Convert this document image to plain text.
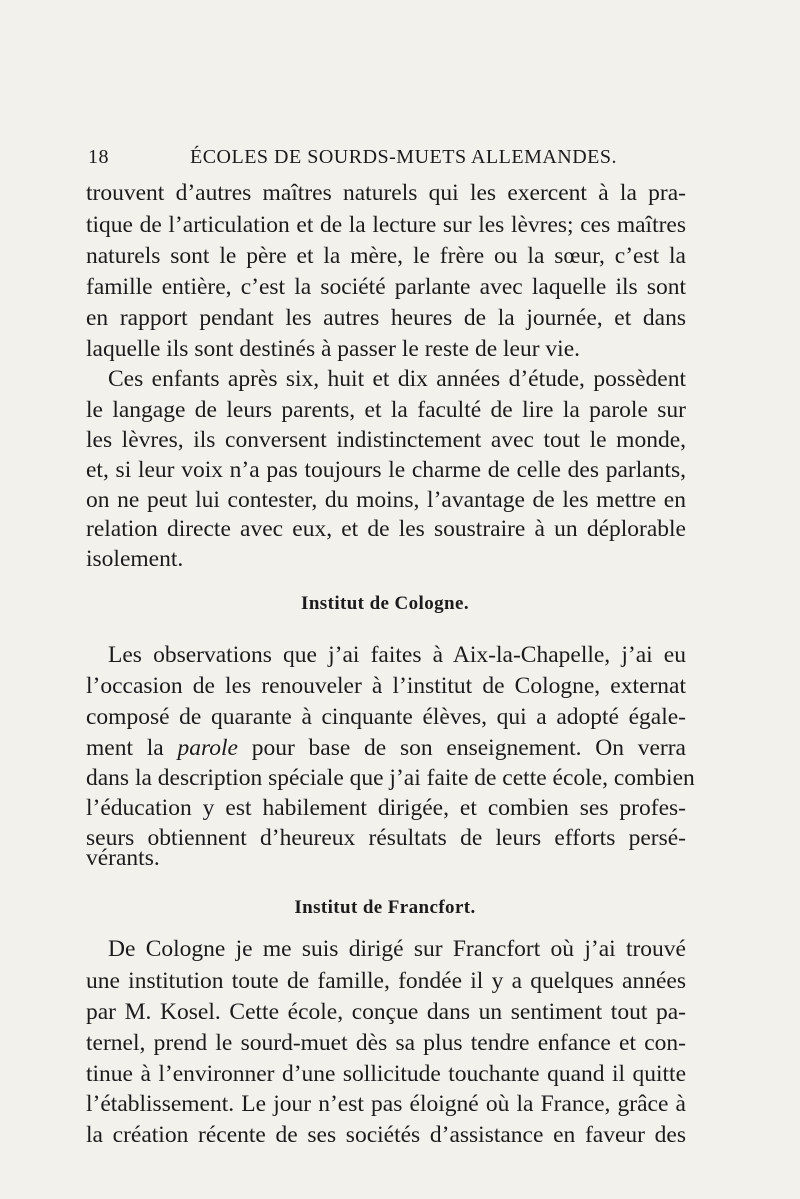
18	ÉCOLES DE SOURDS-MUETS ALLEMANDES.
trouvent d’autres maîtres naturels qui les exercent à la pra-
tique de l’articulation et de la lecture sur les lèvres; ces maîtres
naturels sont le père et la mère, le frère ou la sœur, c’est la
famille entière, c’est la société parlante avec laquelle ils sont
en rapport pendant les autres heures de la journée, et dans
laquelle ils sont destinés à passer le reste de leur vie.
Ces enfants après six, huit et dix années d’étude, possèdent
le langage de leurs parents, et la faculté de lire la parole sur
les lèvres, ils conversent indistinctement avec tout le monde,
et, si leur voix n’a pas toujours le charme de celle des parlants,
on ne peut lui contester, du moins, l’avantage de les mettre en
relation directe avec eux, et de les soustraire à un déplorable
isolement.
Institut de Cologne.
Les observations que j’ai faites à Aix-la-Chapelle, j’ai eu
l’occasion de les renouveler à l’institut de Cologne, externat
composé de quarante à cinquante élèves, qui a adopté égale-
ment la parole pour base de son enseignement. On verra
dans la description spéciale que j’ai faite de cette école, combien
l’éducation y est habilement dirigée, et combien ses profes-
seurs obtiennent d’heureux résultats de leurs efforts persé-
vérants.
Institut de Francfort.
De Cologne je me suis dirigé sur Francfort où j’ai trouvé
une institution toute de famille, fondée il y a quelques années
par M. Kosel. Cette école, conçue dans un sentiment tout pa-
ternel, prend le sourd-muet dès sa plus tendre enfance et con-
tinue à l’environner d’une sollicitude touchante quand il quitte
l’établissement. Le jour n’est pas éloigné où la France, grâce à
la création récente de ses sociétés d’assistance en faveur des
